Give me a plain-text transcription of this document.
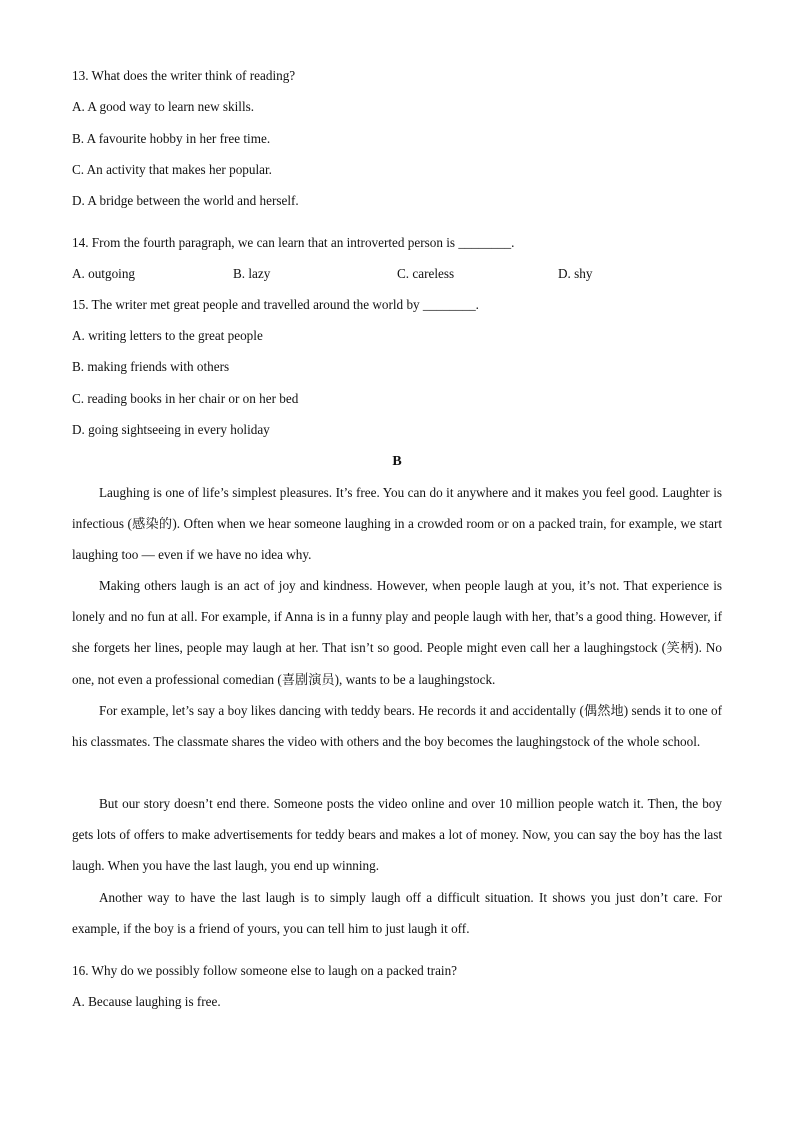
13. What does the writer think of reading?
A. A good way to learn new skills.
B. A favourite hobby in her free time.
C. An activity that makes her popular.
D. A bridge between the world and herself.
14. From the fourth paragraph, we can learn that an introverted person is ________.
A. outgoing	B. lazy	C. careless	D. shy
15. The writer met great people and travelled around the world by ________.
A. writing letters to the great people
B. making friends with others
C. reading books in her chair or on her bed
D. going sightseeing in every holiday
B
Laughing is one of life’s simplest pleasures. It’s free. You can do it anywhere and it makes you feel good. Laughter is infectious (感染的). Often when we hear someone laughing in a crowded room or on a packed train, for example, we start laughing too — even if we have no idea why.
Making others laugh is an act of joy and kindness. However, when people laugh at you, it’s not. That experience is lonely and no fun at all. For example, if Anna is in a funny play and people laugh with her, that’s a good thing. However, if she forgets her lines, people may laugh at her. That isn’t so good. People might even call her a laughingstock (笑柄). No one, not even a professional comedian (喜剧演员), wants to be a laughingstock.
For example, let’s say a boy likes dancing with teddy bears. He records it and accidentally (偶然地) sends it to one of his classmates. The classmate shares the video with others and the boy becomes the laughingstock of the whole school.
But our story doesn’t end there. Someone posts the video online and over 10 million people watch it. Then, the boy gets lots of offers to make advertisements for teddy bears and makes a lot of money. Now, you can say the boy has the last laugh. When you have the last laugh, you end up winning.
Another way to have the last laugh is to simply laugh off a difficult situation. It shows you just don’t care. For example, if the boy is a friend of yours, you can tell him to just laugh it off.
16. Why do we possibly follow someone else to laugh on a packed train?
A. Because laughing is free.
